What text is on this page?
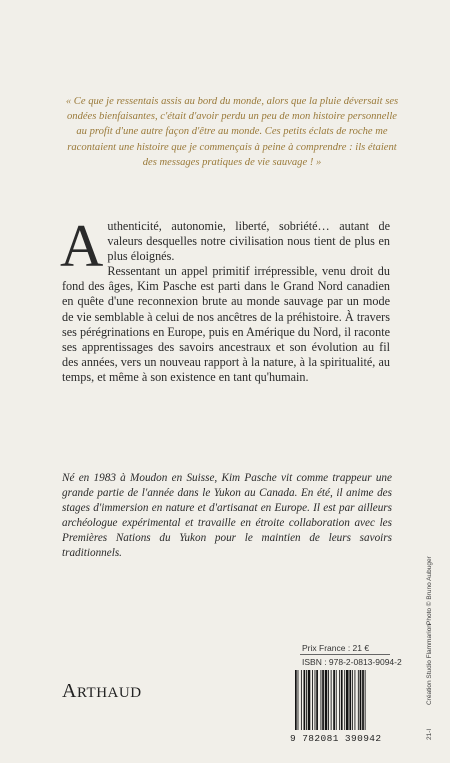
« Ce que je ressentais assis au bord du monde, alors que la pluie déversait ses ondées bienfaisantes, c'était d'avoir perdu un peu de mon histoire personnelle au profit d'une autre façon d'être au monde. Ces petits éclats de roche me racontaient une histoire que je commençais à peine à comprendre : ils étaient des messages pratiques de vie sauvage ! »

Authenticité, autonomie, liberté, sobriété… autant de valeurs desquelles notre civilisation nous tient de plus en plus éloignés.

Ressentant un appel primitif irrépressible, venu droit du fond des âges, Kim Pasche est parti dans le Grand Nord canadien en quête d'une reconnexion brute au monde sauvage par un mode de vie semblable à celui de nos ancêtres de la préhistoire. À travers ses pérégrinations en Europe, puis en Amérique du Nord, il raconte ses apprentissages des savoirs ancestraux et son évolution au fil des années, vers un nouveau rapport à la nature, à la spiritualité, au temps, et même à son existence en tant qu'humain.

Né en 1983 à Moudon en Suisse, Kim Pasche vit comme trappeur une grande partie de l'année dans le Yukon au Canada. En été, il anime des stages d'immersion en nature et d'artisanat en Europe. Il est par ailleurs archéologue expérimental et travaille en étroite collaboration avec les Premières Nations du Yukon pour le maintien de leurs savoirs traditionnels.
Prix France : 21 €
ISBN : 978-2-0813-9094-2
ARTHAUD
9 782081 390942
Photo © Bruno Aubuger
Création Studio Flammarion
21-I
